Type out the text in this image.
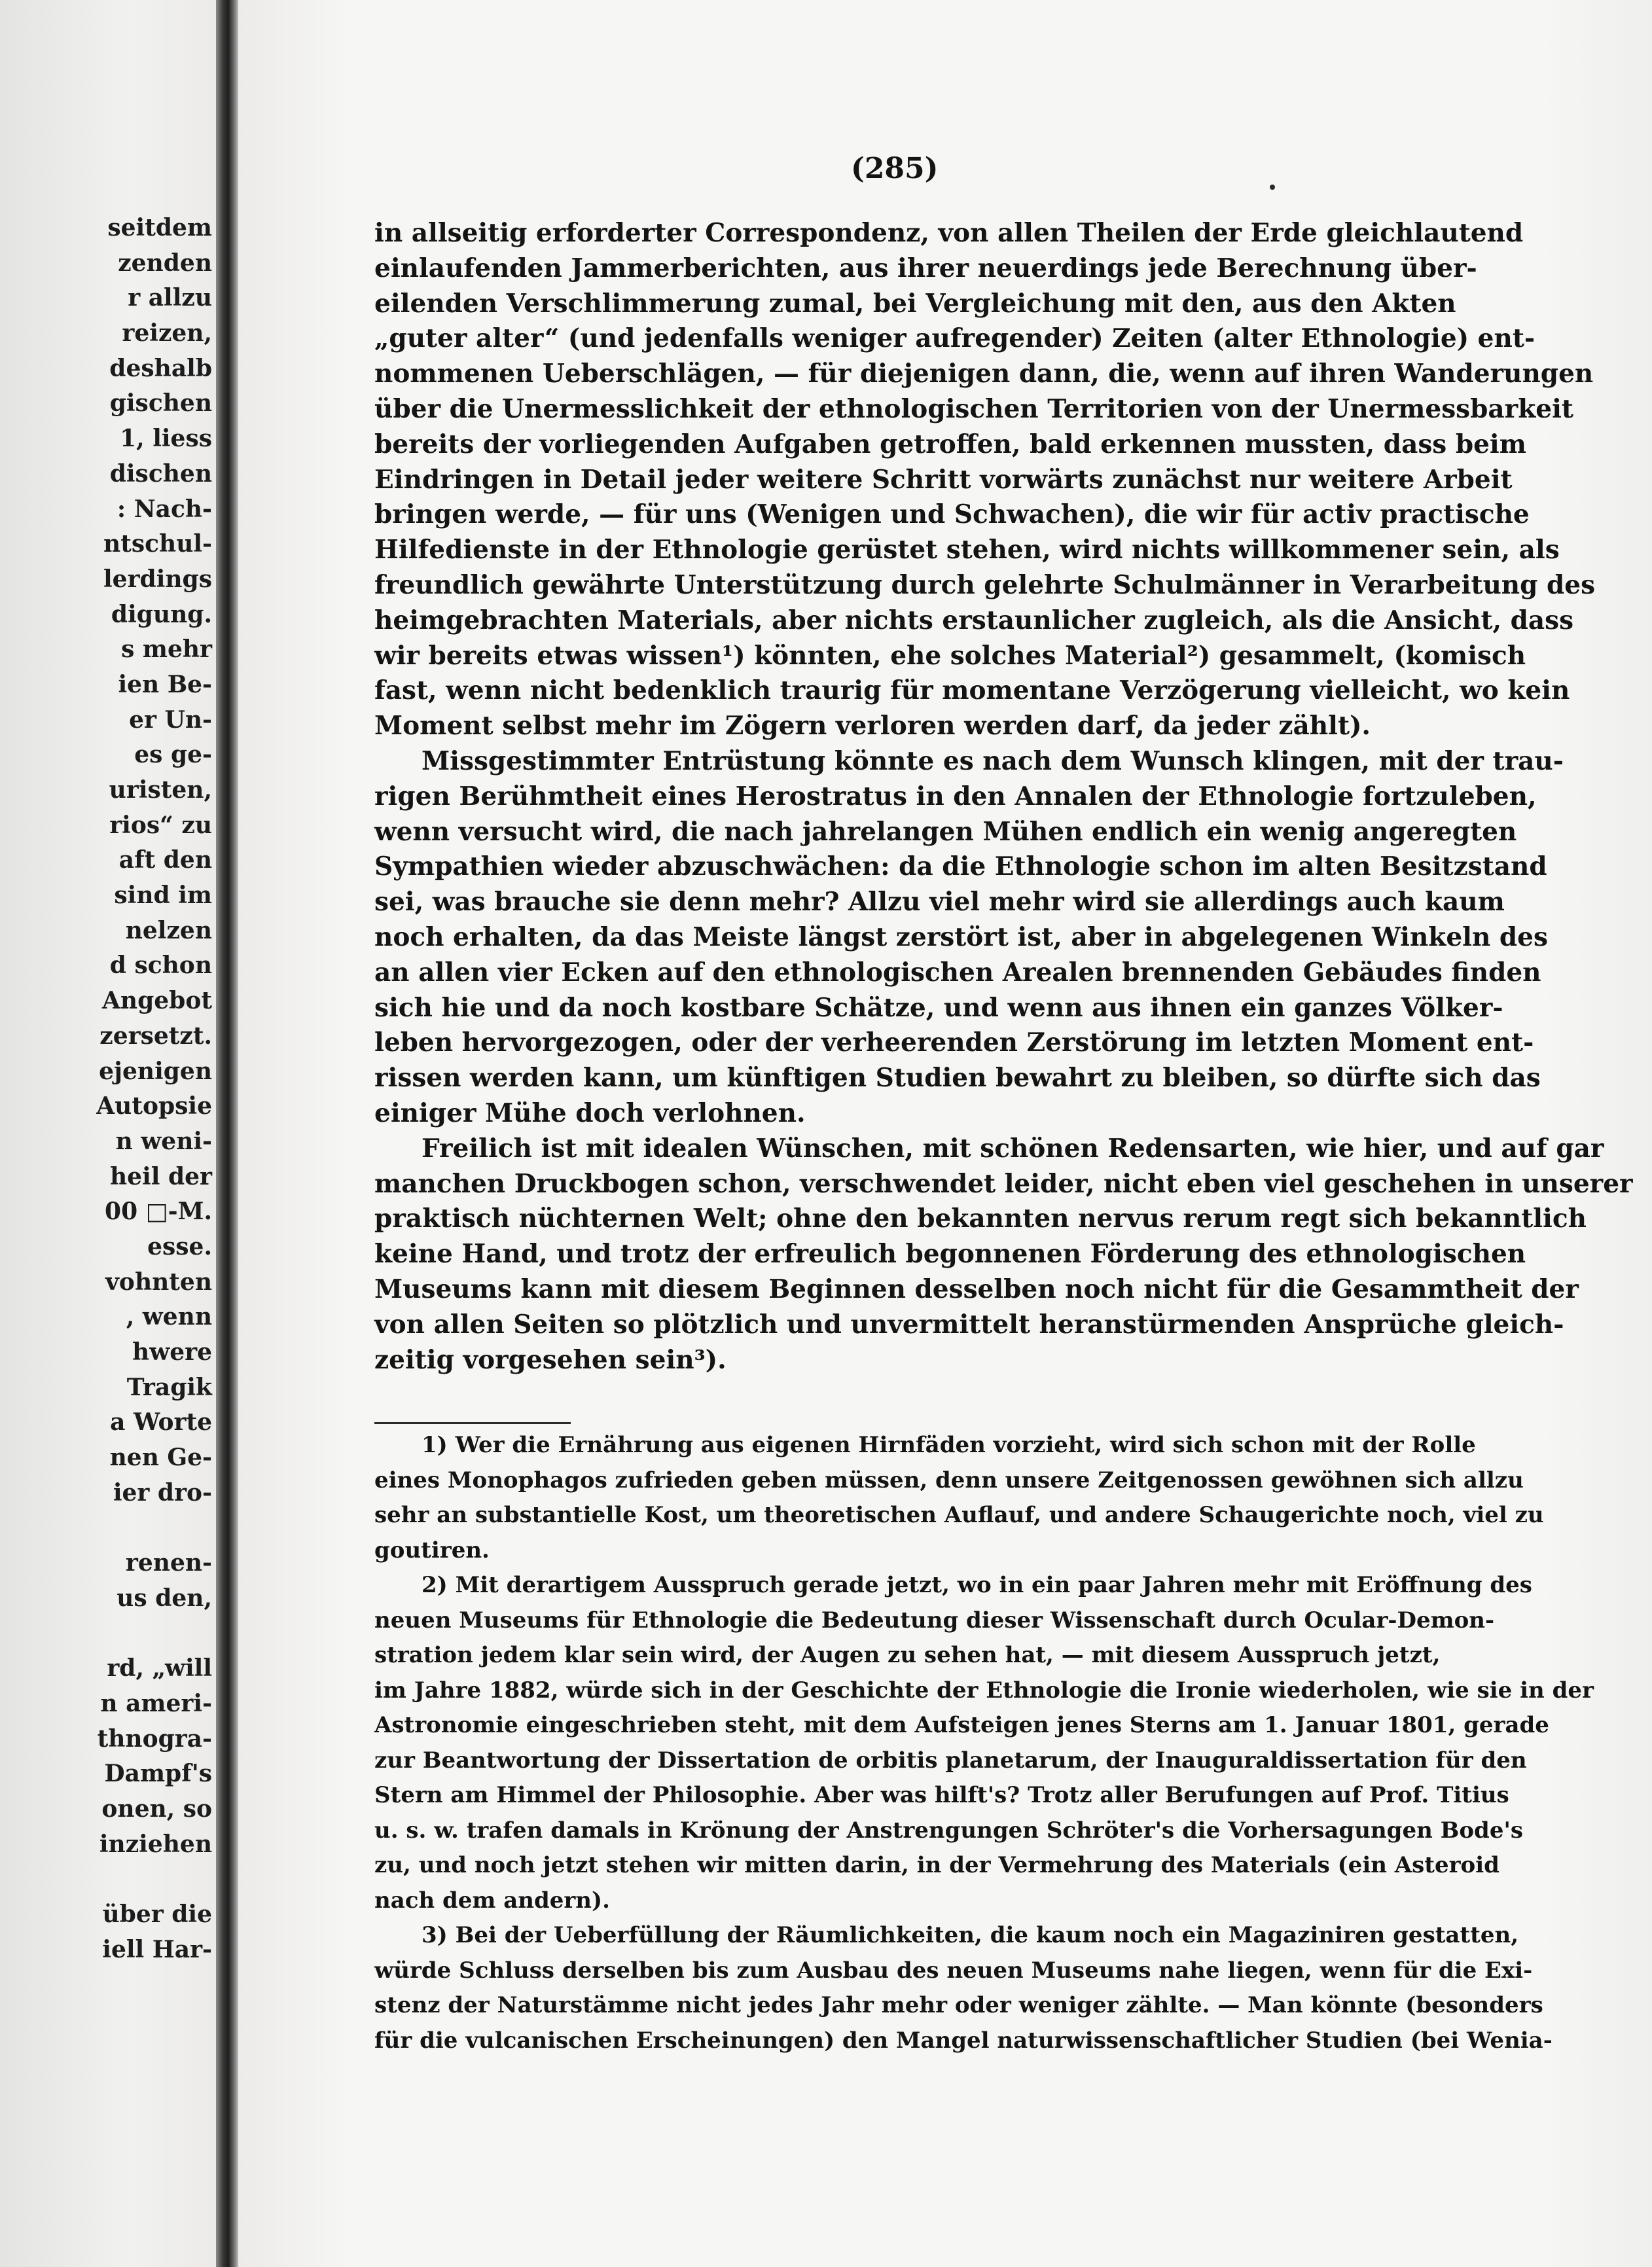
seitdem
zenden
r allzu
reizen,
deshalb
gischen
1, liess
dischen
: Nach-
ntschul-
lerdings
digung.
s mehr
ien Be-
er Un-
es ge-
uristen,
rios“ zu
aft den
sind im
nelzen
d schon
Angebot
zersetzt.
ejenigen
Autopsie
n weni-
heil der
00 □-M.
esse.
vohnten
, wenn
hwere
Tragik
a Worte
nen Ge-
ier dro-
renen-
us den,
rd, „will
n ameri-
thnogra-
Dampf's
onen, so
inziehen
über die
iell Har-
(285)
in allseitig erforderter Correspondenz, von allen Theilen der Erde gleichlautend
einlaufenden Jammerberichten, aus ihrer neuerdings jede Berechnung über-
eilenden Verschlimmerung zumal, bei Vergleichung mit den, aus den Akten
„guter alter“ (und jedenfalls weniger aufregender) Zeiten (alter Ethnologie) ent-
nommenen Ueberschlägen, — für diejenigen dann, die, wenn auf ihren Wanderungen
über die Unermesslichkeit der ethnologischen Territorien von der Unermessbarkeit
bereits der vorliegenden Aufgaben getroffen, bald erkennen mussten, dass beim
Eindringen in Detail jeder weitere Schritt vorwärts zunächst nur weitere Arbeit
bringen werde, — für uns (Wenigen und Schwachen), die wir für activ practische
Hilfedienste in der Ethnologie gerüstet stehen, wird nichts willkommener sein, als
freundlich gewährte Unterstützung durch gelehrte Schulmänner in Verarbeitung des
heimgebrachten Materials, aber nichts erstaunlicher zugleich, als die Ansicht, dass
wir bereits etwas wissen¹) könnten, ehe solches Material²) gesammelt, (komisch
fast, wenn nicht bedenklich traurig für momentane Verzögerung vielleicht, wo kein
Moment selbst mehr im Zögern verloren werden darf, da jeder zählt).
Missgestimmter Entrüstung könnte es nach dem Wunsch klingen, mit der trau-
rigen Berühmtheit eines Herostratus in den Annalen der Ethnologie fortzuleben,
wenn versucht wird, die nach jahrelangen Mühen endlich ein wenig angeregten
Sympathien wieder abzuschwächen: da die Ethnologie schon im alten Besitzstand
sei, was brauche sie denn mehr? Allzu viel mehr wird sie allerdings auch kaum
noch erhalten, da das Meiste längst zerstört ist, aber in abgelegenen Winkeln des
an allen vier Ecken auf den ethnologischen Arealen brennenden Gebäudes finden
sich hie und da noch kostbare Schätze, und wenn aus ihnen ein ganzes Völker-
leben hervorgezogen, oder der verheerenden Zerstörung im letzten Moment ent-
rissen werden kann, um künftigen Studien bewahrt zu bleiben, so dürfte sich das
einiger Mühe doch verlohnen.
Freilich ist mit idealen Wünschen, mit schönen Redensarten, wie hier, und auf gar
manchen Druckbogen schon, verschwendet leider, nicht eben viel geschehen in unserer
praktisch nüchternen Welt; ohne den bekannten nervus rerum regt sich bekanntlich
keine Hand, und trotz der erfreulich begonnenen Förderung des ethnologischen
Museums kann mit diesem Beginnen desselben noch nicht für die Gesammtheit der
von allen Seiten so plötzlich und unvermittelt heranstürmenden Ansprüche gleich-
zeitig vorgesehen sein³).
1) Wer die Ernährung aus eigenen Hirnfäden vorzieht, wird sich schon mit der Rolle
eines Monophagos zufrieden geben müssen, denn unsere Zeitgenossen gewöhnen sich allzu
sehr an substantielle Kost, um theoretischen Auflauf, und andere Schaugerichte noch, viel zu
goutiren.
2) Mit derartigem Ausspruch gerade jetzt, wo in ein paar Jahren mehr mit Eröffnung des
neuen Museums für Ethnologie die Bedeutung dieser Wissenschaft durch Ocular-Demon-
stration jedem klar sein wird, der Augen zu sehen hat, — mit diesem Ausspruch jetzt,
im Jahre 1882, würde sich in der Geschichte der Ethnologie die Ironie wiederholen, wie sie in der
Astronomie eingeschrieben steht, mit dem Aufsteigen jenes Sterns am 1. Januar 1801, gerade
zur Beantwortung der Dissertation de orbitis planetarum, der Inauguraldissertation für den
Stern am Himmel der Philosophie. Aber was hilft's? Trotz aller Berufungen auf Prof. Titius
u. s. w. trafen damals in Krönung der Anstrengungen Schröter's die Vorhersagungen Bode's
zu, und noch jetzt stehen wir mitten darin, in der Vermehrung des Materials (ein Asteroid
nach dem andern).
3) Bei der Ueberfüllung der Räumlichkeiten, die kaum noch ein Magaziniren gestatten,
würde Schluss derselben bis zum Ausbau des neuen Museums nahe liegen, wenn für die Exi-
stenz der Naturstämme nicht jedes Jahr mehr oder weniger zählte. — Man könnte (besonders
für die vulcanischen Erscheinungen) den Mangel naturwissenschaftlicher Studien (bei Wenia-
